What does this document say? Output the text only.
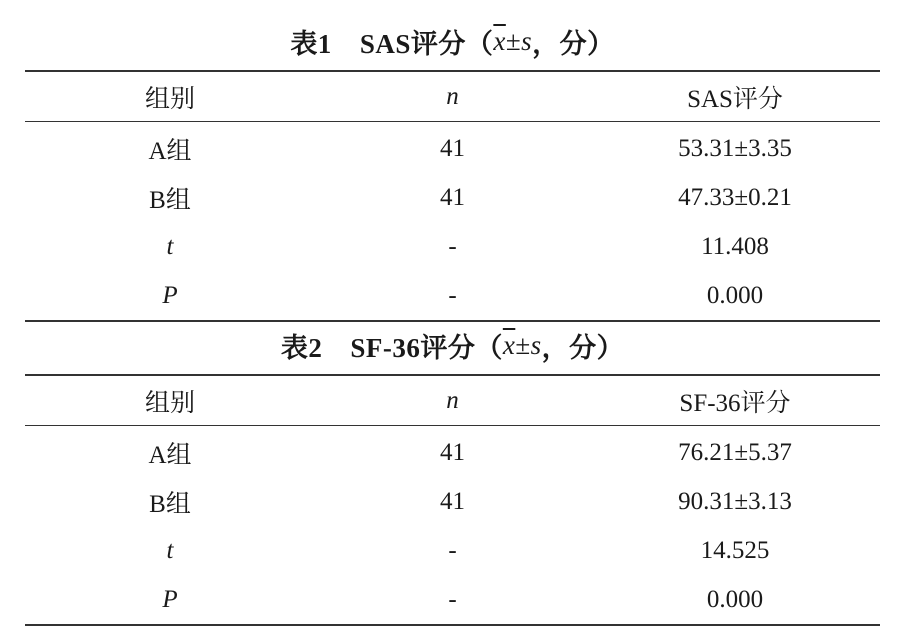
表1 SAS评分（ $\overline{x} \pm s$ ，分）
组别	n	SAS评分
A组	41	53.31±3.35
B组	41	47.33±0.21
t	-	11.408
P	-	0.000
表2 SF-36评分（ $\overline{x} \pm s$ ，分）
组别	n	SF-36评分
A组	41	76.21±5.37
B组	41	90.31±3.13
t	-	14.525
P	-	0.000
